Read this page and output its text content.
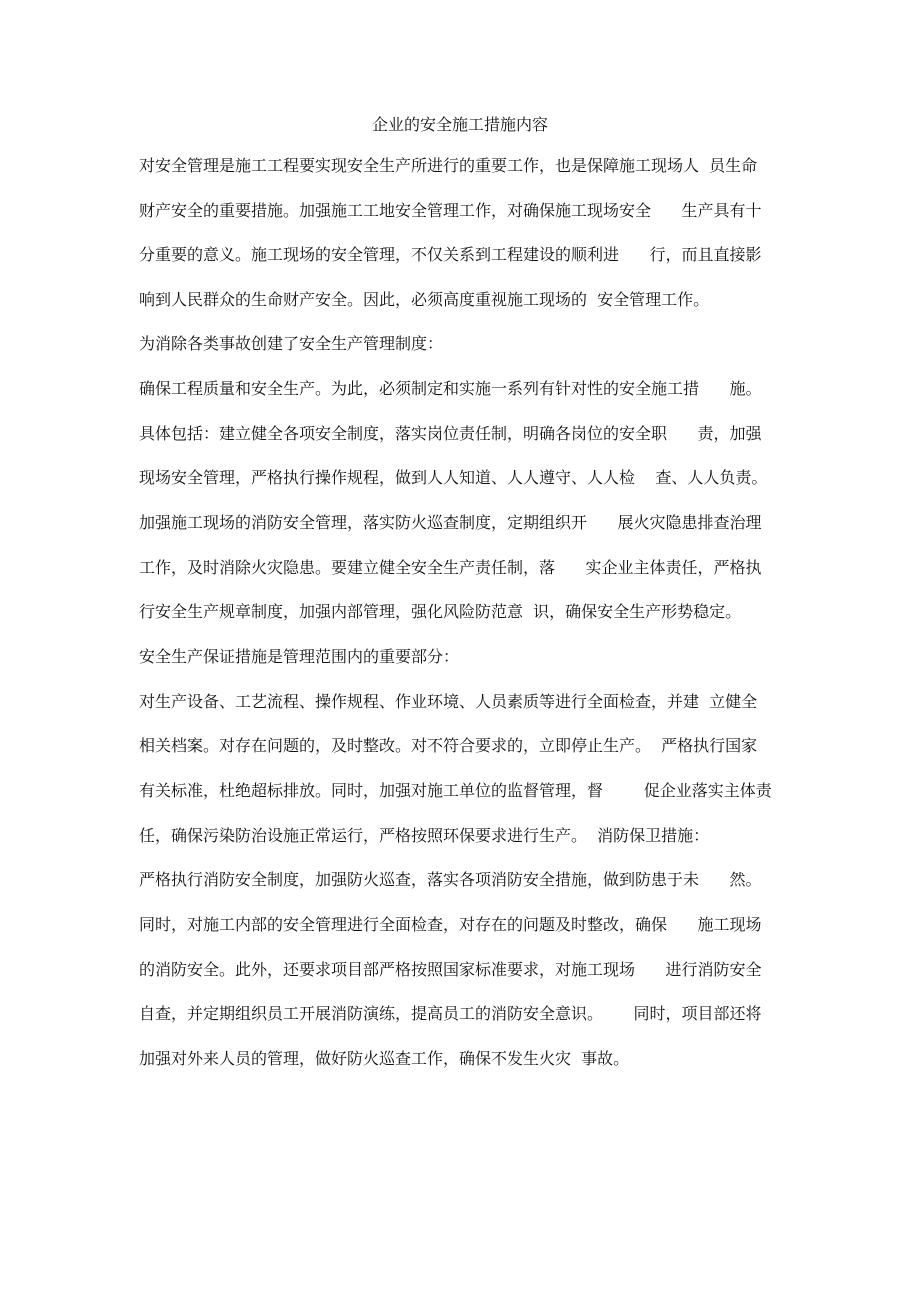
企业的安全施工措施内容
对安全管理是施工工程要实现安全生产所进行的重要工作，也是保障施工现场人  员生命
财产安全的重要措施。加强施工工地安全管理工作，对确保施工现场安全      生产具有十
分重要的意义。施工现场的安全管理，不仅关系到工程建设的顺利进      行，而且直接影
响到人民群众的生命财产安全。因此，必须高度重视施工现场的  安全管理工作。
为消除各类事故创建了安全生产管理制度：
确保工程质量和安全生产。为此，必须制定和实施一系列有针对性的安全施工措      施。
具体包括：建立健全各项安全制度，落实岗位责任制，明确各岗位的安全职      责，加强
现场安全管理，严格执行操作规程，做到人人知道、人人遵守、人人检    查、人人负责。
加强施工现场的消防安全管理，落实防火巡查制度，定期组织开      展火灾隐患排查治理
工作，及时消除火灾隐患。要建立健全安全生产责任制，落      实企业主体责任，严格执
行安全生产规章制度，加强内部管理，强化风险防范意  识，确保安全生产形势稳定。
安全生产保证措施是管理范围内的重要部分：
对生产设备、工艺流程、操作规程、作业环境、人员素质等进行全面检查，并建  立健全
相关档案。对存在问题的，及时整改。对不符合要求的，立即停止生产。  严格执行国家
有关标准，杜绝超标排放。同时，加强对施工单位的监督管理，督        促企业落实主体责
任，确保污染防治设施正常运行，严格按照环保要求进行生产。  消防保卫措施：
严格执行消防安全制度，加强防火巡查，落实各项消防安全措施，做到防患于未      然。
同时，对施工内部的安全管理进行全面检查，对存在的问题及时整改，确保      施工现场
的消防安全。此外，还要求项目部严格按照国家标准要求，对施工现场      进行消防安全
自查，并定期组织员工开展消防演练，提高员工的消防安全意识。      同时，项目部还将
加强对外来人员的管理，做好防火巡查工作，确保不发生火灾  事故。
